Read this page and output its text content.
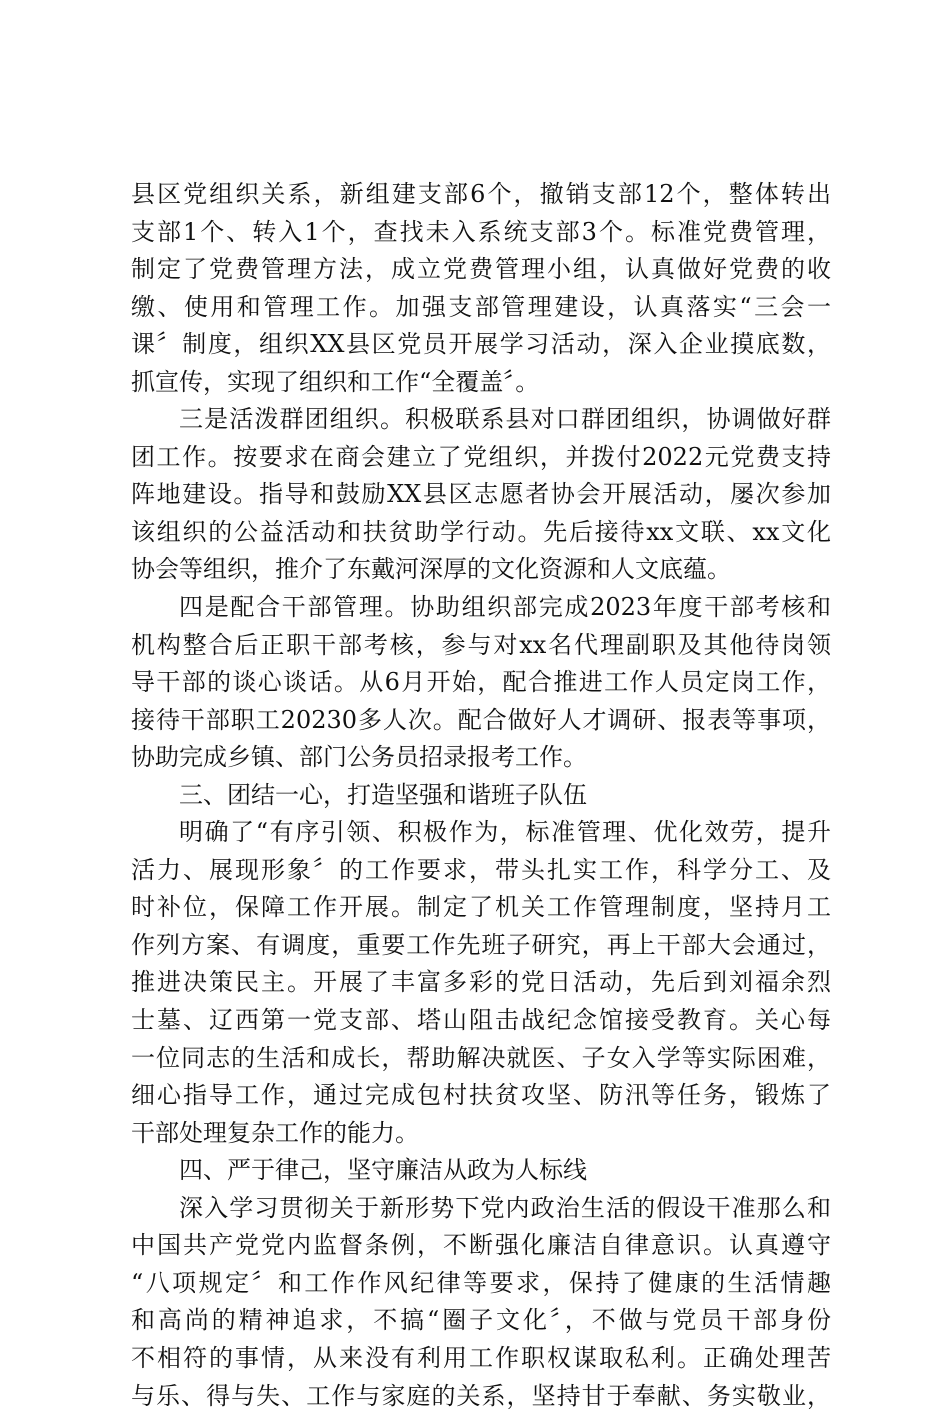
县区党组织关系，新组建支部6个，撤销支部12个，整体转出
支部1个、转入1个，查找未入系统支部3个。标准党费管理，
制定了党费管理方法，成立党费管理小组，认真做好党费的收
缴、使用和管理工作。加强支部管理建设，认真落实“三会一
课〞制度，组织XX县区党员开展学习活动，深入企业摸底数，
抓宣传，实现了组织和工作“全覆盖〞。
三是活泼群团组织。积极联系县对口群团组织，协调做好群
团工作。按要求在商会建立了党组织，并拨付2022元党费支持
阵地建设。指导和鼓励XX县区志愿者协会开展活动，屡次参加
该组织的公益活动和扶贫助学行动。先后接待xx文联、xx文化
协会等组织，推介了东戴河深厚的文化资源和人文底蕴。
四是配合干部管理。协助组织部完成2023年度干部考核和
机构整合后正职干部考核，参与对xx名代理副职及其他待岗领
导干部的谈心谈话。从6月开始，配合推进工作人员定岗工作，
接待干部职工20230多人次。配合做好人才调研、报表等事项，
协助完成乡镇、部门公务员招录报考工作。
三、团结一心，打造坚强和谐班子队伍
明确了“有序引领、积极作为，标准管理、优化效劳，提升
活力、展现形象〞的工作要求，带头扎实工作，科学分工、及
时补位，保障工作开展。制定了机关工作管理制度，坚持月工
作列方案、有调度，重要工作先班子研究，再上干部大会通过，
推进决策民主。开展了丰富多彩的党日活动，先后到刘福余烈
士墓、辽西第一党支部、塔山阻击战纪念馆接受教育。关心每
一位同志的生活和成长，帮助解决就医、子女入学等实际困难，
细心指导工作，通过完成包村扶贫攻坚、防汛等任务，锻炼了
干部处理复杂工作的能力。
四、严于律己，坚守廉洁从政为人标线
深入学习贯彻关于新形势下党内政治生活的假设干准那么和
中国共产党党内监督条例，不断强化廉洁自律意识。认真遵守
“八项规定〞和工作作风纪律等要求，保持了健康的生活情趣
和高尚的精神追求，不搞“圈子文化〞，不做与党员干部身份
不相符的事情，从来没有利用工作职权谋取私利。正确处理苦
与乐、得与失、工作与家庭的关系，坚持甘于奉献、务实敬业，
